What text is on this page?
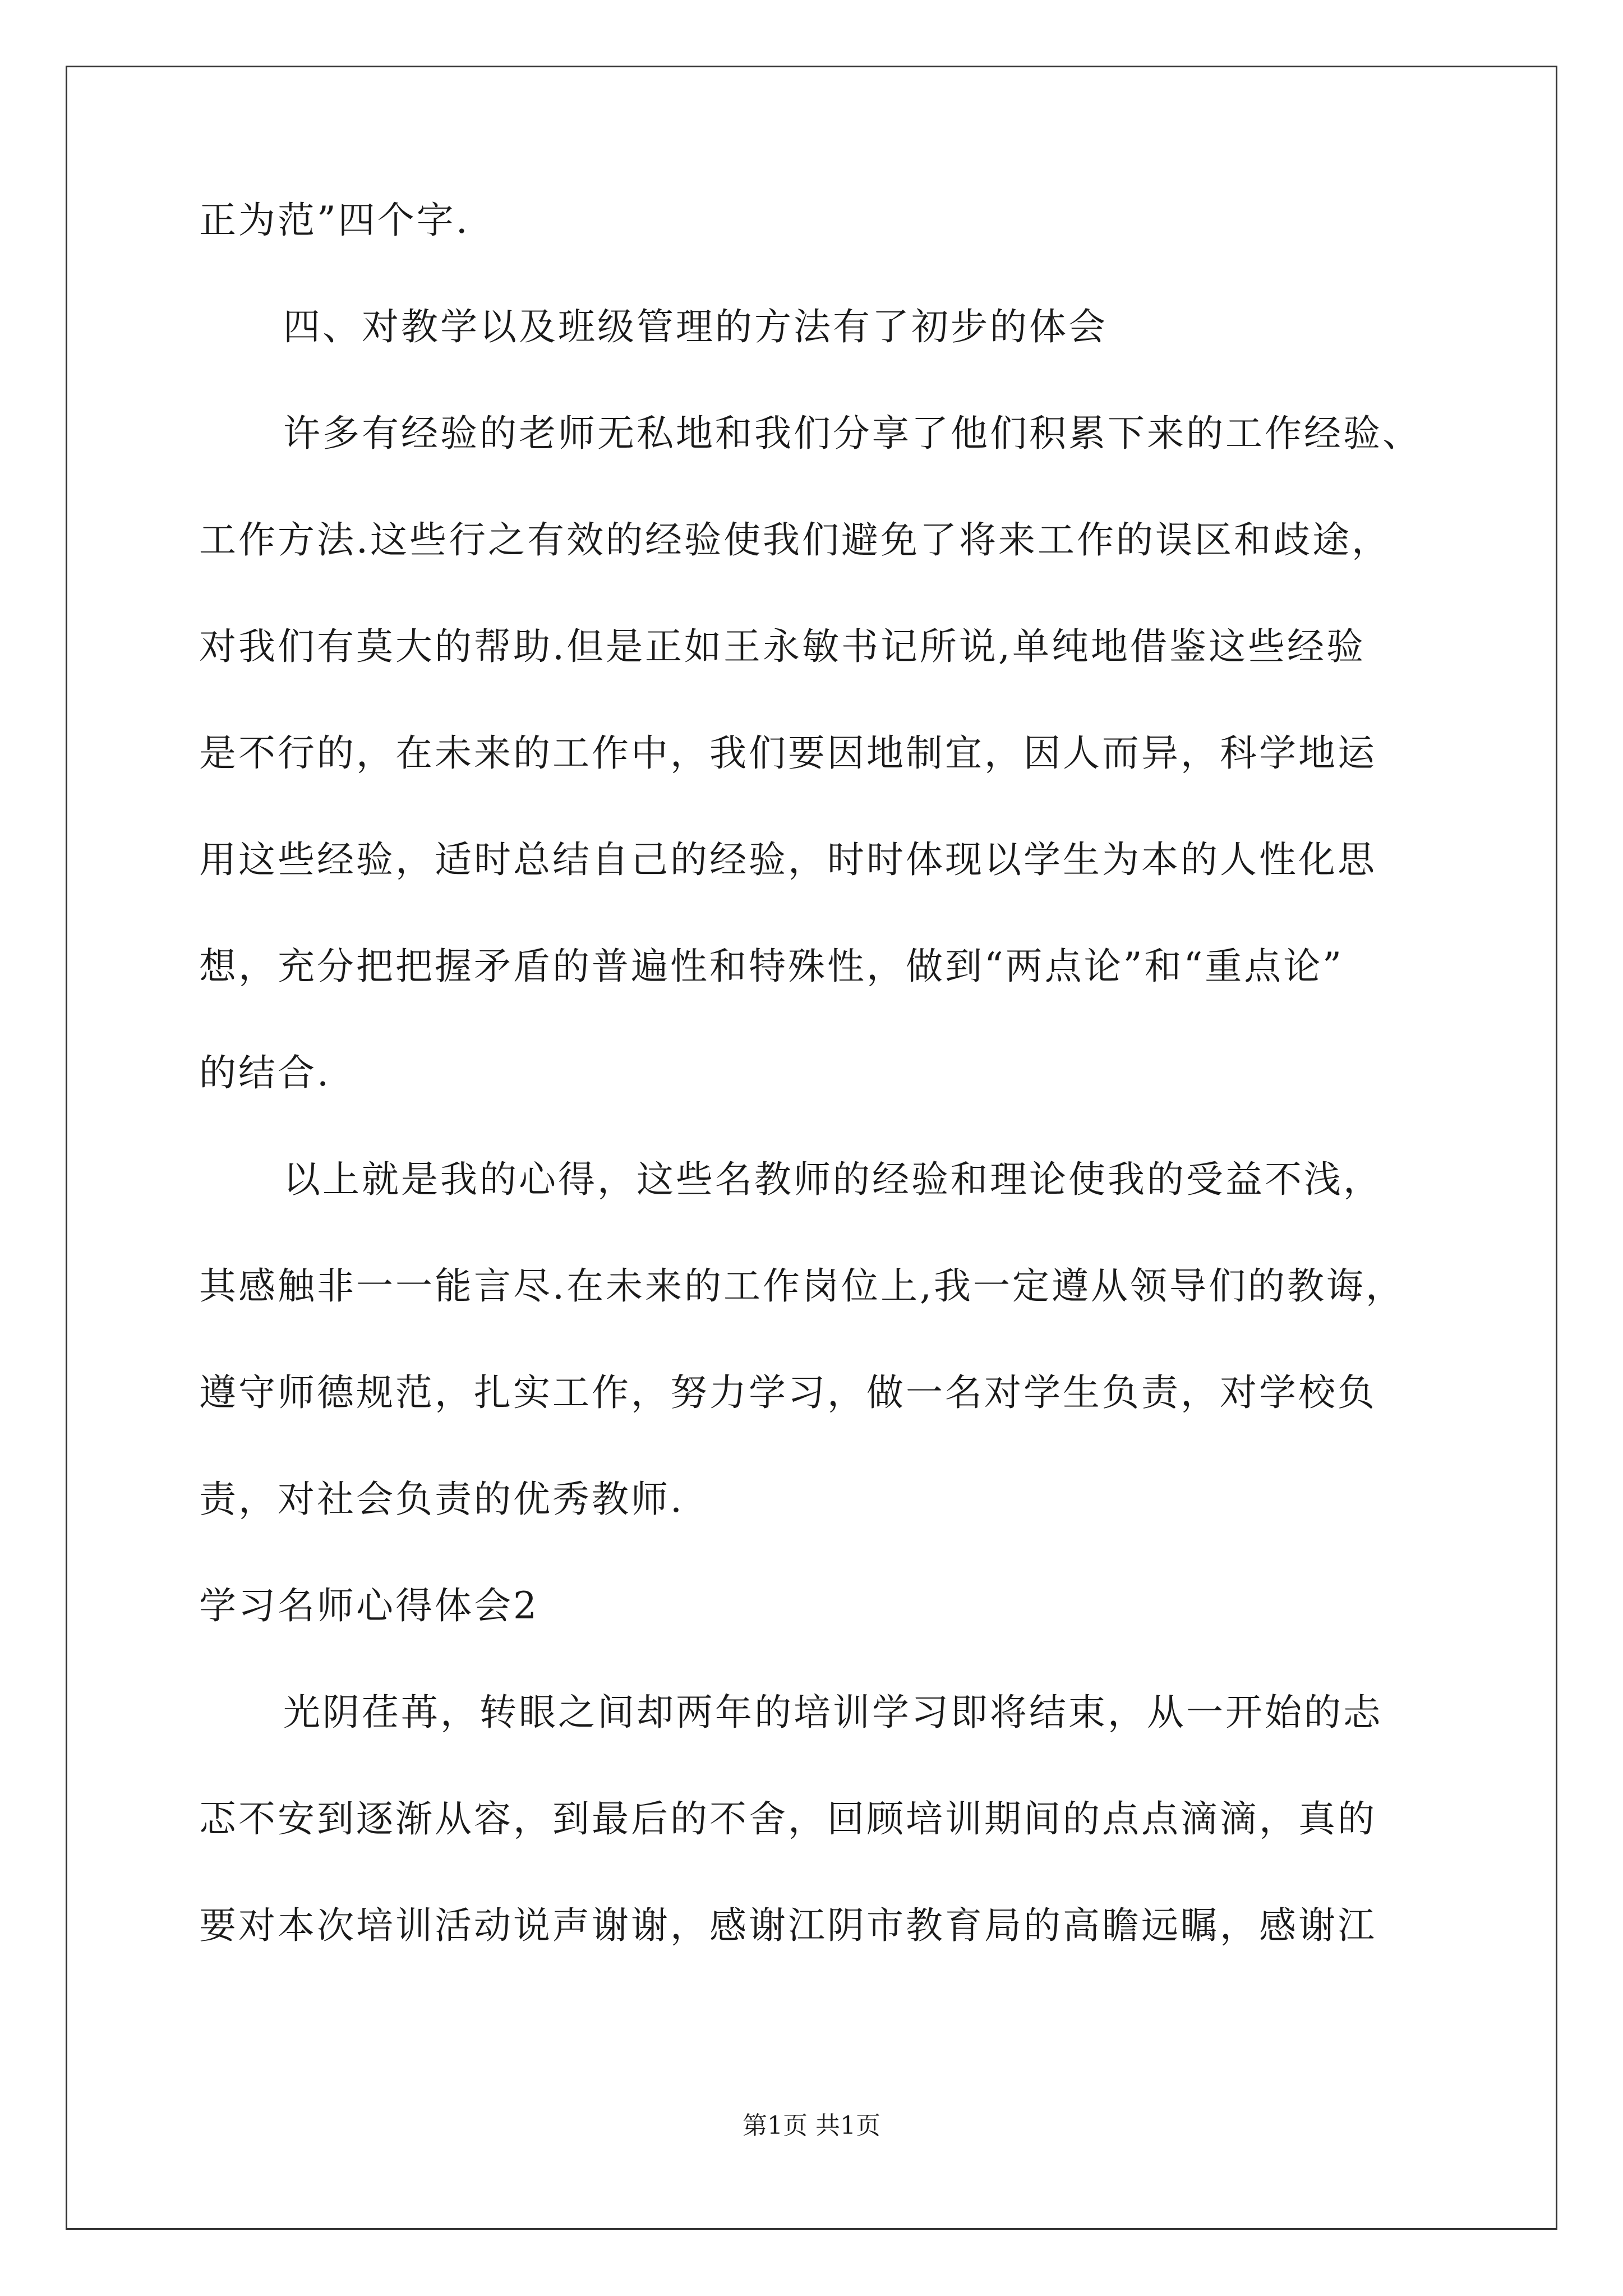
正为范”四个字.
四、对教学以及班级管理的方法有了初步的体会
许多有经验的老师无私地和我们分享了他们积累下来的工作经验、
工作方法.这些行之有效的经验使我们避免了将来工作的误区和歧途，
对我们有莫大的帮助.但是正如王永敏书记所说,单纯地借鉴这些经验
是不行的，在未来的工作中，我们要因地制宜，因人而异，科学地运
用这些经验，适时总结自己的经验，时时体现以学生为本的人性化思
想，充分把把握矛盾的普遍性和特殊性，做到“两点论”和“重点论”
的结合.
以上就是我的心得，这些名教师的经验和理论使我的受益不浅，
其感触非一一能言尽.在未来的工作岗位上,我一定遵从领导们的教诲，
遵守师德规范，扎实工作，努力学习，做一名对学生负责，对学校负
责，对社会负责的优秀教师.
学习名师心得体会2
光阴荏苒，转眼之间却两年的培训学习即将结束，从一开始的忐
忑不安到逐渐从容，到最后的不舍，回顾培训期间的点点滴滴，真的
要对本次培训活动说声谢谢，感谢江阴市教育局的高瞻远瞩，感谢江
第1页 共1页
